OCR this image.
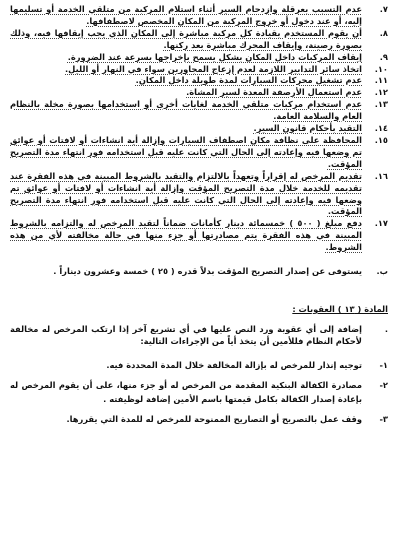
٧.
عدم التسبب بعرقلة وازدحام السير أثناء استلام المركبة من متلقي الخدمة أو تسليمها إليه، أو عند دخول أو خروج المركبة من المكان المخصص لاصطفافها.
٨.
أن يقوم المستخدم بقيادة كل مركبة مباشرة إلى المكان الذي يجب إيقافها فيه، وذلك بصورة رصينة، وإيقاف المحرك مباشرة بعد ركنها.
٩.
إيقاف المركبات داخل المكان بشكل يسمح بإخراجها بسرعة عند الضرورة.
١٠.
اتخاذ سائر التدابير اللازمة لعدم إزعاج المجاورين سواء في النهار أو الليل.
١١.
عدم تشغيل محركات السيارات لمدة طويلة داخل المكان.
١٢.
عدم استعمال الأرصفة المعدة لسير المشاة.
١٣.
عدم استخدام مركبات متلقي الخدمة لغايات أخرى أو استخدامها بصورة مخلة بالنظام العام والسلامة العامة.
١٤.
التقيد بأحكام قانون السير.
١٥.
المحافظة على نظافة مكان اصطفاف السيارات وإزالة أية انشاءات أو لافتات أو عوائق تم وضعها فيه وإعادته إلى الحال التي كانت عليه قبل استخدامه فور انتهاء مدة التصريح المؤقت.
١٦.
تقديم المرخص له إقراراً وتعهداً بالالتزام والتقيد بالشروط المبينة في هذه الفقرة عند تقديمه للخدمة خلال مدة التصريح المؤقت وإزالة أية انشاءات أو لافتات أو عوائق تم وضعها فيه وإعادته إلى الحال التي كانت عليه قبل استخدامه فور انتهاء مدة التصريح المؤقت.
١٧.
دفع مبلغ ( ٥٠٠ ) خمسمائة دينار كأمانات ضماناً لتقيد المرخص له والتزامه بالشروط المبينة في هذه الفقرة يتم مصادرتها أو جزء منها في حالة مخالفته لأي من هذه الشروط.
ب.
يستوفى عن إصدار التصريح المؤقت بدلاً قدره ( ٢٥ ) خمسة وعشرون ديناراً .
المادة ( ١٣ ) العقوبات :
.
إضافة إلى أي عقوبة ورد النص عليها في أي تشريع آخر إذا ارتكب المرخص له مخالفة لأحكام النظام فللأمين أن يتخذ أياً من الإجراءات التالية:
١-
توجيه إنذار للمرخص له بإزالة المخالفة خلال المدة المحددة فيه.
٢-
مصادرة الكفالة البنكية المقدمة من المرخص له أو جزء منها، على أن يقوم المرخص له بإعادة إصدار الكفالة بكامل قيمتها باسم الأمين إضافة لوظيفته .
٣-
وقف عمل بالتصريح أو التصاريح الممنوحة للمرخص له للمدة التي يقررها.
